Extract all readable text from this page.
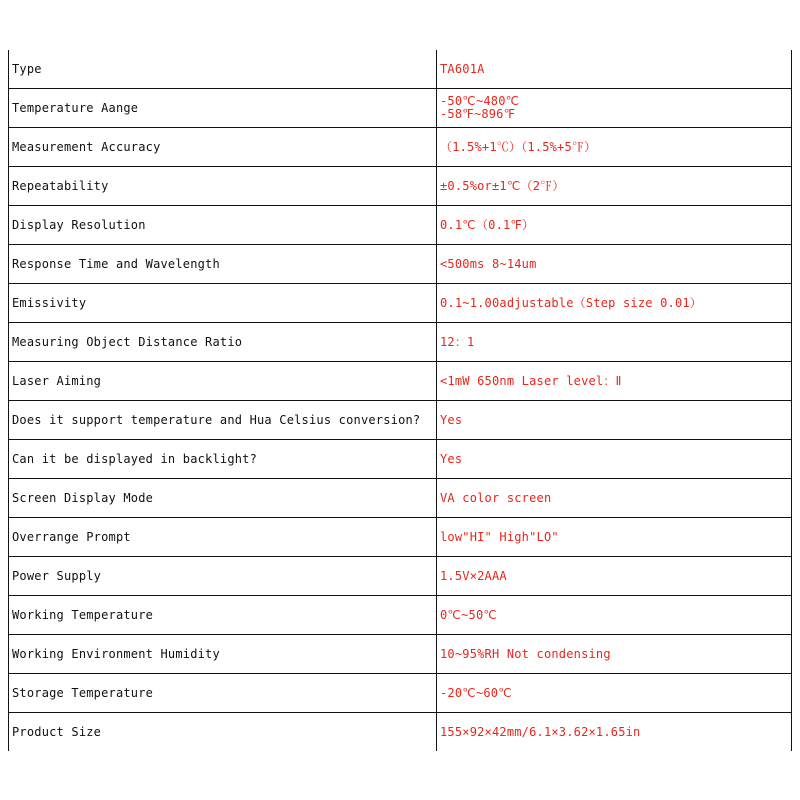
Type	TA601A
Temperature Aange	-50℃~480℃
-58℉~896℉

Measurement Accuracy	（1.5%+1℃）（1.5%+5℉）
Repeatability	±0.5%or±1℃（2℉）
Display Resolution	0.1℃（0.1℉）
Response Time and Wavelength	<500ms 8~14um
Emissivity	0.1~1.00adjustable（Step size 0.01）
Measuring Object Distance Ratio	12：1
Laser Aiming	<1mW 650nm Laser level：Ⅱ
Does it support temperature and Hua Celsius conversion?	Yes
Can it be displayed in backlight?	Yes
Screen Display Mode	VA color screen
Overrange Prompt	low"HI" High"LO"
Power Supply	1.5V×2AAA
Working Temperature	0℃~50℃
Working Environment Humidity	10~95%RH Not condensing
Storage Temperature	-20℃~60℃
Product Size	155×92×42mm/6.1×3.62×1.65in
